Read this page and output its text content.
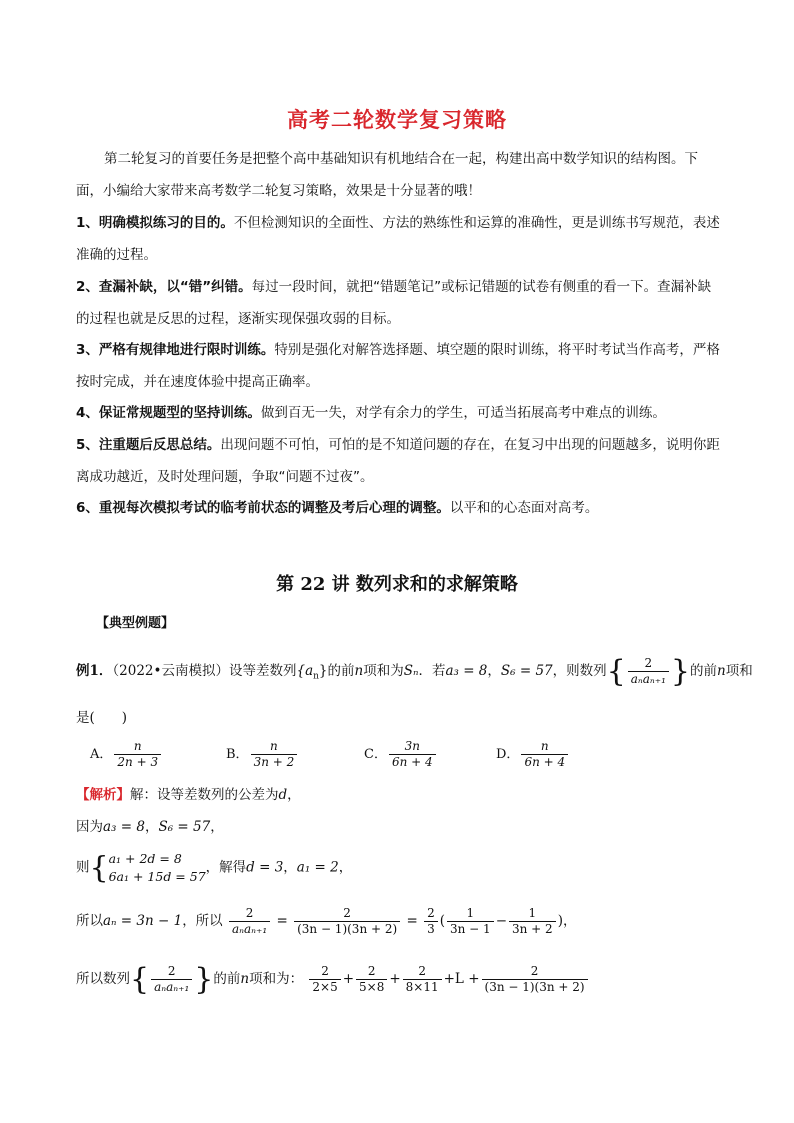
高考二轮数学复习策略
第二轮复习的首要任务是把整个高中基础知识有机地结合在一起，构建出高中数学知识的结构图。下面，小编给大家带来高考数学二轮复习策略，效果是十分显著的哦！
1、明确模拟练习的目的。不但检测知识的全面性、方法的熟练性和运算的准确性，更是训练书写规范，表述准确的过程。
2、查漏补缺，以“错”纠错。每过一段时间，就把“错题笔记”或标记错题的试卷有侧重的看一下。查漏补缺的过程也就是反思的过程，逐渐实现保强攻弱的目标。
3、严格有规律地进行限时训练。特别是强化对解答选择题、填空题的限时训练，将平时考试当作高考，严格按时完成，并在速度体验中提高正确率。
4、保证常规题型的坚持训练。做到百无一失，对学有余力的学生，可适当拓展高考中难点的训练。
5、注重题后反思总结。出现问题不可怕，可怕的是不知道问题的存在，在复习中出现的问题越多，说明你距离成功越近，及时处理问题，争取“问题不过夜”。
6、重视每次模拟考试的临考前状态的调整及考后心理的调整。以平和的心态面对高考。
第 22 讲 数列求和的求解策略
【典型例题】
例1．（2022•云南模拟）设等差数列$\{a_n\}$的前n项和为Sₙ．若a₃ = 8，S₆ = 57，则数列{ $\frac{2}{\text{aₙaₙ₊₁}}$ }的前n项和
是(　　)
A． $\frac{n}{2n + 3}$	B． $\frac{n}{3n + 2}$	C． $\frac{3n}{6n + 4}$	D． $\frac{n}{6n + 4}$
【解析】解：设等差数列的公差为d，
因为a₃ = 8，S₆ = 57，
则{ a₁ + 2d = 8
6a₁ + 15d = 57
，解得d = 3，a₁ = 2，
所以aₙ = 3n − 1，所以 $\frac{2}{\text{aₙaₙ₊₁}} = \frac{2}{(3n - 1)(3n + 2)} = \frac{2}{3}$ ( $\frac{1}{3n - 1} - \frac{1}{3n + 2}$ )，
所以数列{ $\frac{2}{\text{aₙaₙ₊₁}}$ }的前n项和为： $\frac{2}{2\times 5} + \frac{2}{5\times 8} + \frac{2}{8\times 11} +L + \frac{2}{(3n - 1)(3n + 2)}$
